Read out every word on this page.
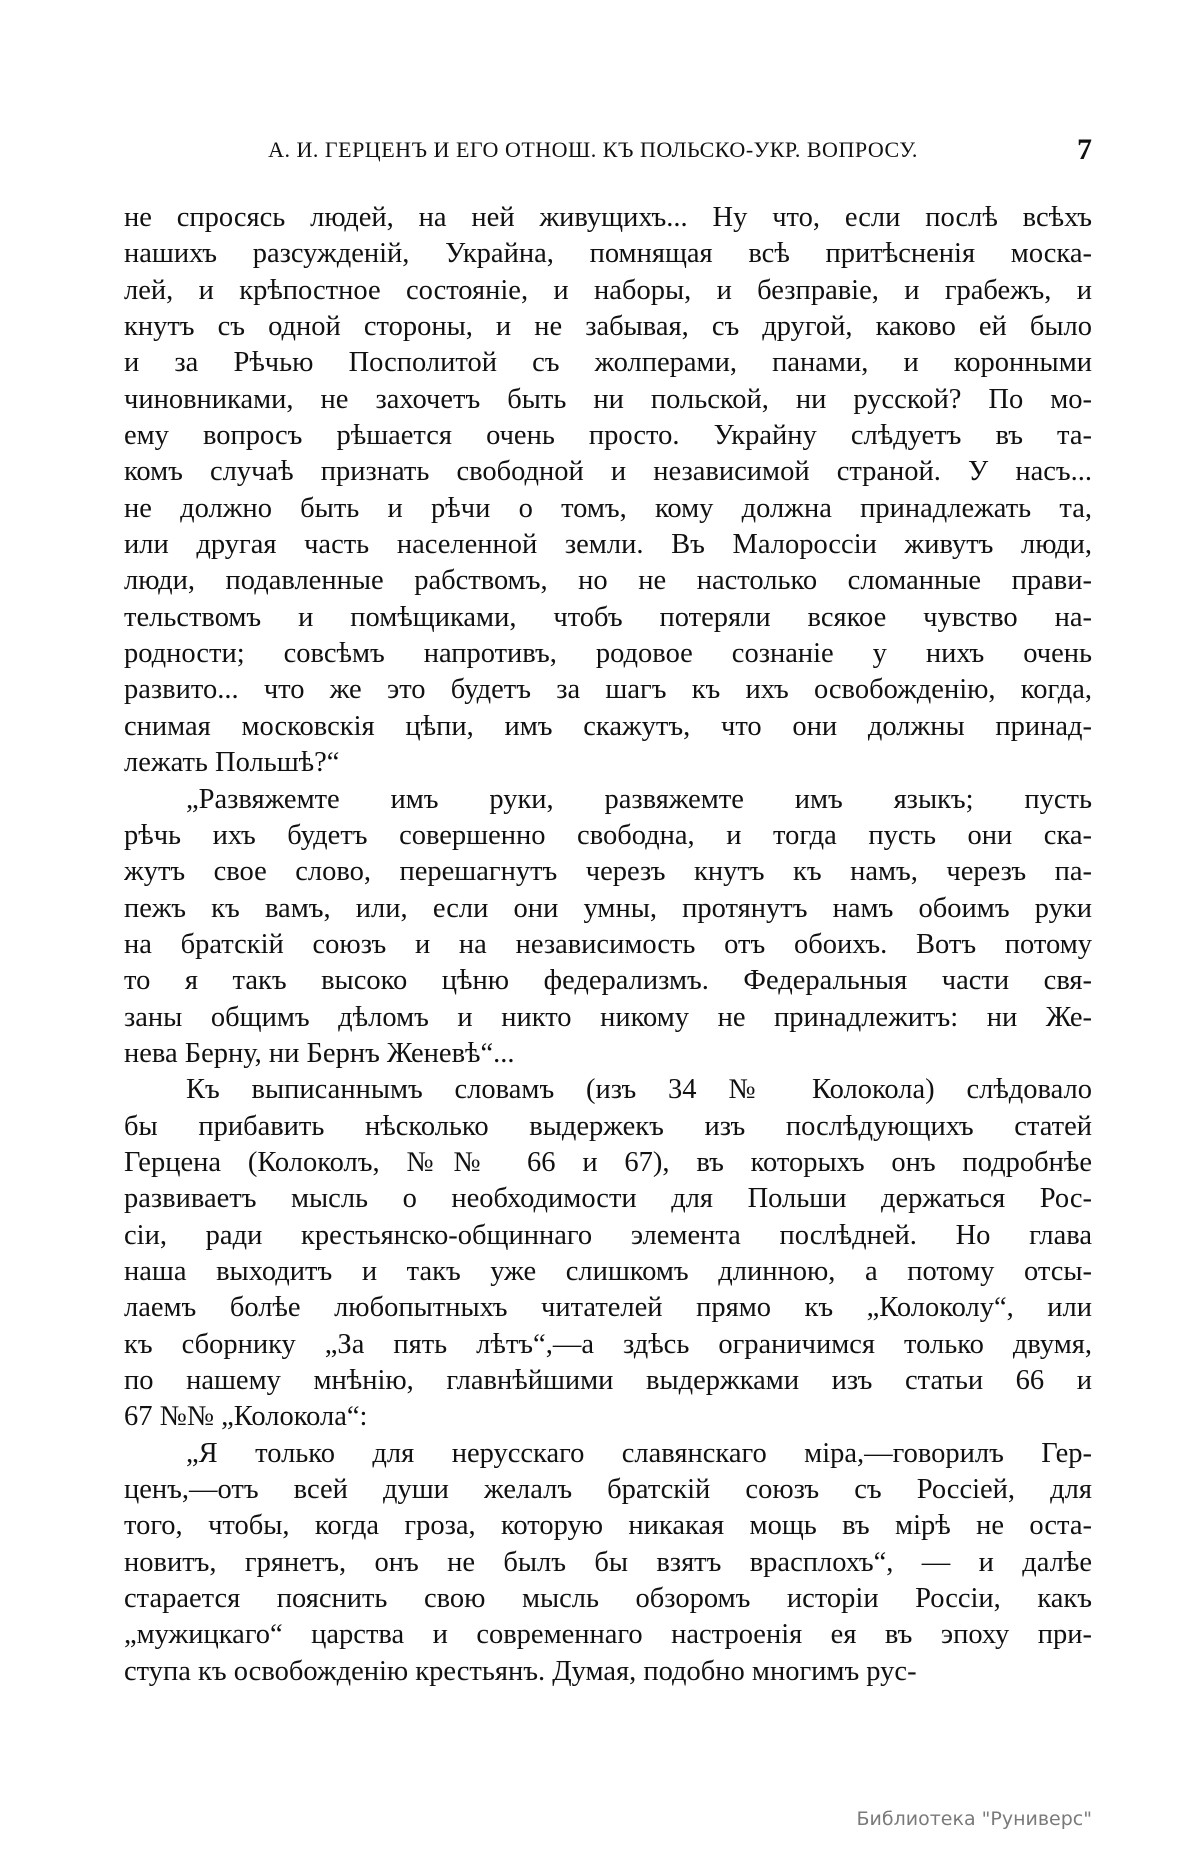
А. И. ГЕРЦЕНЪ И ЕГО ОТНОШ. КЪ ПОЛЬСКО-УКР. ВОПРОСУ.	7
не спросясь людей, на ней живущихъ... Ну что, если послѣ всѣхъ
нашихъ разсужденій, Украйна, помнящая всѣ притѣсненія моска-
лей, и крѣпостное состояніе, и наборы, и безправіе, и грабежъ, и
кнутъ съ одной стороны, и не забывая, съ другой, каково ей было
и за Рѣчью Посполитой съ жолперами, панами, и коронными
чиновниками, не захочетъ быть ни польской, ни русской? По мо-
ему вопросъ рѣшается очень просто. Украйну слѣдуетъ въ та-
комъ случаѣ признать свободной и независимой страной. У насъ...
не должно быть и рѣчи о томъ, кому должна принадлежать та,
или другая часть населенной земли. Въ Малороссіи живутъ люди,
люди, подавленные рабствомъ, но не настолько сломанные прави-
тельствомъ и помѣщиками, чтобъ потеряли всякое чувство на-
родности; совсѣмъ напротивъ, родовое сознаніе у нихъ очень
развито... что же это будетъ за шагъ къ ихъ освобожденію, когда,
снимая московскія цѣпи, имъ скажутъ, что они должны принад-
лежать Польшѣ?“
„Развяжемте имъ руки, развяжемте имъ языкъ; пусть
рѣчь ихъ будетъ совершенно свободна, и тогда пусть они ска-
жутъ свое слово, перешагнутъ черезъ кнутъ къ намъ, черезъ па-
пежъ къ вамъ, или, если они умны, протянутъ намъ обоимъ руки
на братскій союзъ и на независимость отъ обоихъ. Вотъ потому
то я такъ высоко цѣню федерализмъ. Федеральныя части свя-
заны общимъ дѣломъ и никто никому не принадлежитъ: ни Же-
нева Берну, ни Бернъ Женевѣ“...
Къ выписаннымъ словамъ (изъ 34 № Колокола) слѣдовало
бы прибавить нѣсколько выдержекъ изъ послѣдующихъ статей
Герцена (Колоколъ, №№ 66 и 67), въ которыхъ онъ подробнѣе
развиваетъ мысль о необходимости для Польши держаться Рос-
сіи, ради крестьянско-общиннаго элемента послѣдней. Но глава
наша выходитъ и такъ уже слишкомъ длинною, а потому отсы-
лаемъ болѣе любопытныхъ читателей прямо къ „Колоколу“, или
къ сборнику „За пять лѣтъ“,—а здѣсь ограничимся только двумя,
по нашему мнѣнію, главнѣйшими выдержками изъ статьи 66 и
67 №№ „Колокола“:
„Я только для нерусскаго славянскаго міра,—говорилъ Гер-
ценъ,—отъ всей души желалъ братскій союзъ съ Россіей, для
того, чтобы, когда гроза, которую никакая мощь въ мірѣ не оста-
новитъ, грянетъ, онъ не былъ бы взятъ врасплохъ“, — и далѣе
старается пояснить свою мысль обзоромъ исторіи Россіи, какъ
„мужицкаго“ царства и современнаго настроенія ея въ эпоху при-
ступа къ освобожденію крестьянъ. Думая, подобно многимъ рус-
Библиотека "Руниверс"
